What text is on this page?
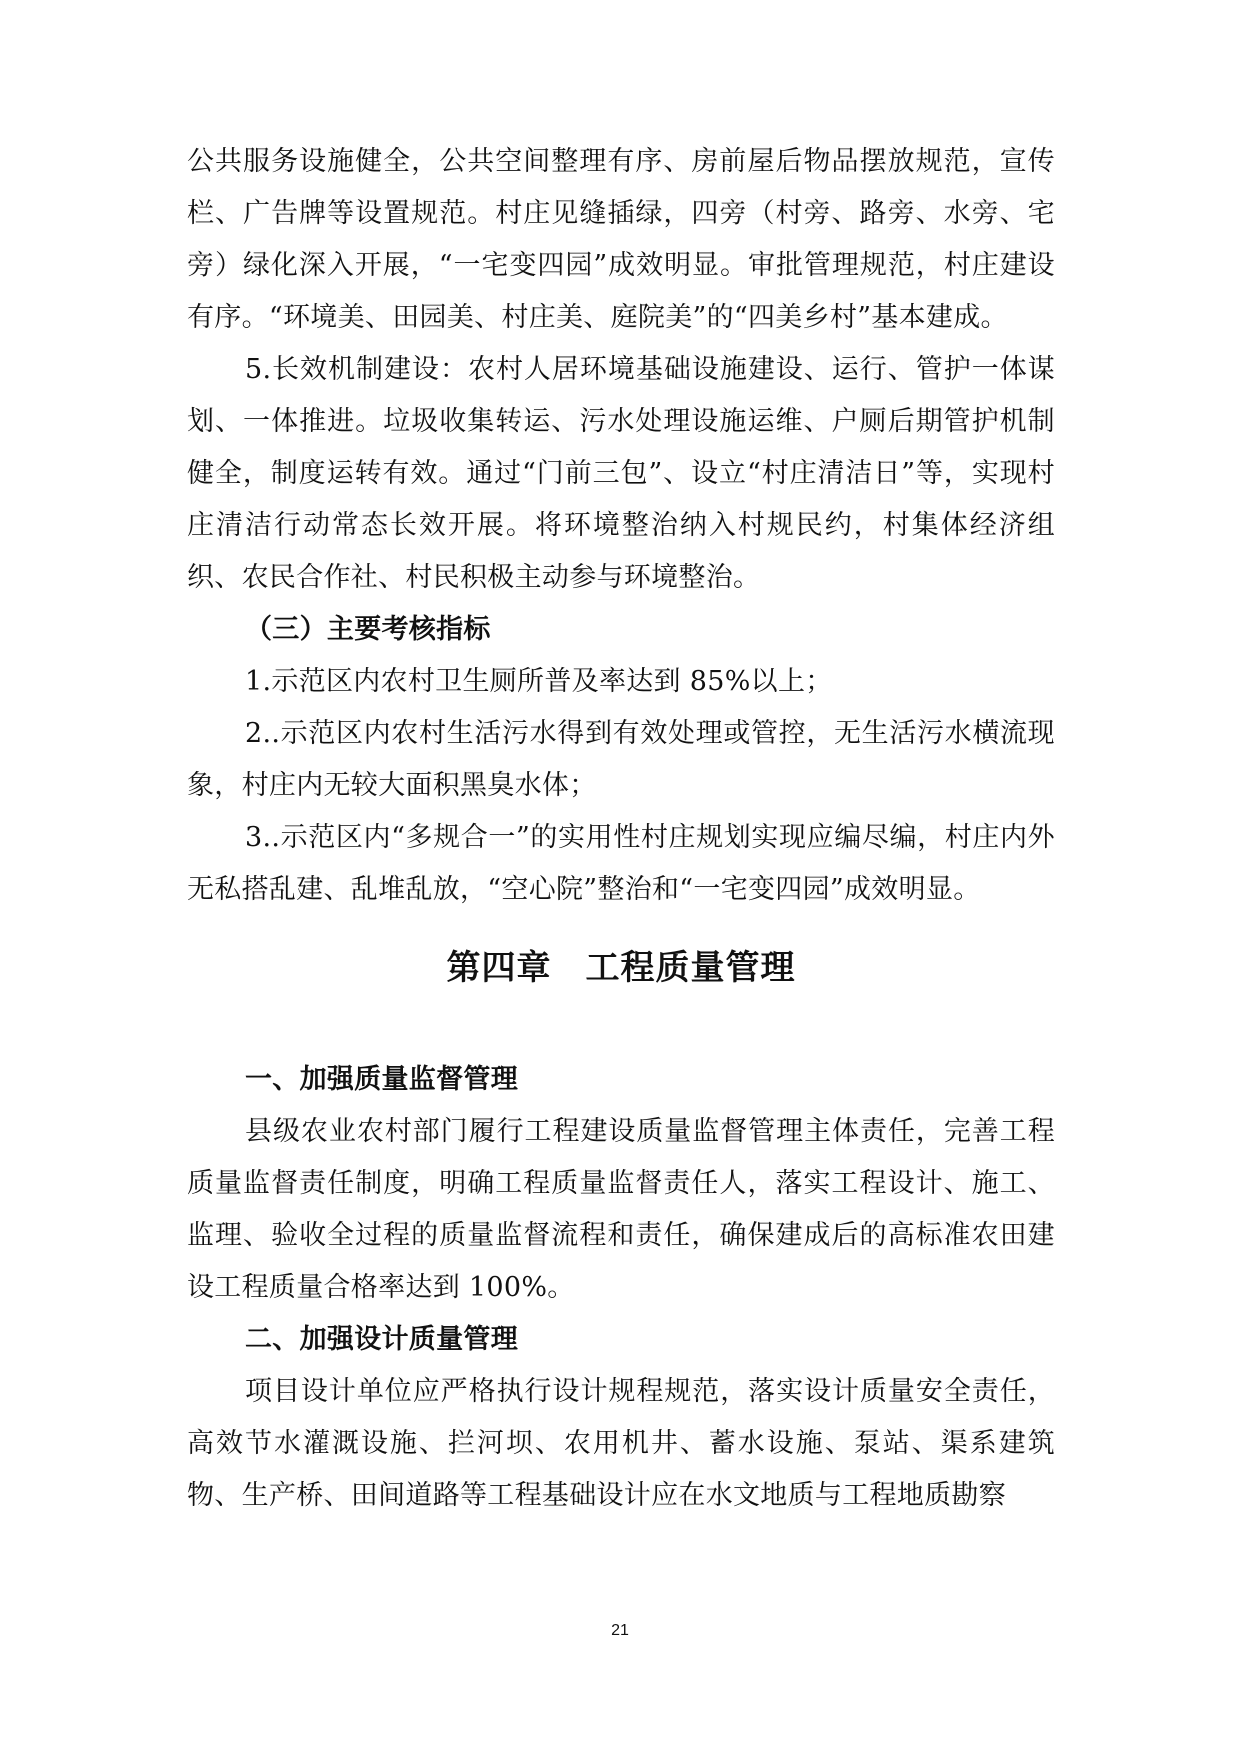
公共服务设施健全，公共空间整理有序、房前屋后物品摆放规范，宣传栏、广告牌等设置规范。村庄见缝插绿，四旁（村旁、路旁、水旁、宅旁）绿化深入开展，“一宅变四园”成效明显。审批管理规范，村庄建设有序。“环境美、田园美、村庄美、庭院美”的“四美乡村”基本建成。

5.长效机制建设：农村人居环境基础设施建设、运行、管护一体谋划、一体推进。垃圾收集转运、污水处理设施运维、户厕后期管护机制健全，制度运转有效。通过“门前三包”、设立“村庄清洁日”等，实现村庄清洁行动常态长效开展。将环境整治纳入村规民约，村集体经济组织、农民合作社、村民积极主动参与环境整治。

（三）主要考核指标

1.示范区内农村卫生厕所普及率达到 85%以上；

2..示范区内农村生活污水得到有效处理或管控，无生活污水横流现象，村庄内无较大面积黑臭水体；

3..示范区内“多规合一”的实用性村庄规划实现应编尽编，村庄内外无私搭乱建、乱堆乱放，“空心院”整治和“一宅变四园”成效明显。

第四章 工程质量管理

一、加强质量监督管理

县级农业农村部门履行工程建设质量监督管理主体责任，完善工程质量监督责任制度，明确工程质量监督责任人，落实工程设计、施工、监理、验收全过程的质量监督流程和责任，确保建成后的高标准农田建设工程质量合格率达到 100%。

二、加强设计质量管理

项目设计单位应严格执行设计规程规范，落实设计质量安全责任，高效节水灌溉设施、拦河坝、农用机井、蓄水设施、泵站、渠系建筑物、生产桥、田间道路等工程基础设计应在水文地质与工程地质勘察

21
